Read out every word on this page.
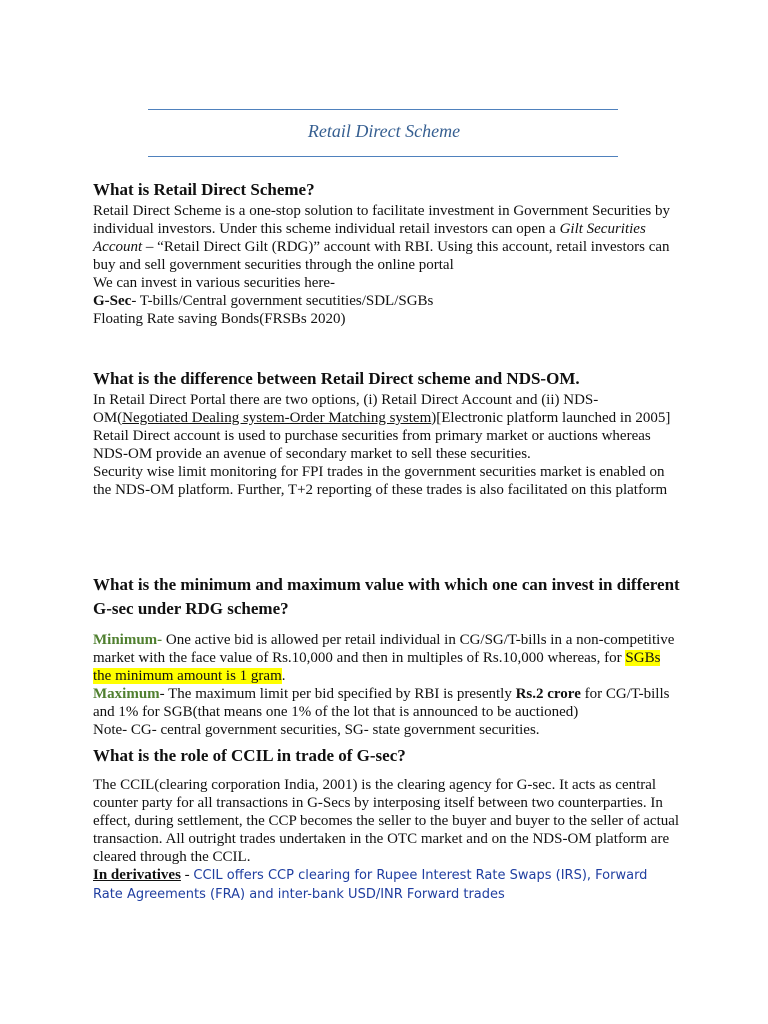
Retail Direct Scheme

What is Retail Direct Scheme?

Retail Direct Scheme is a one-stop solution to facilitate investment in Government Securities by individual investors. Under this scheme individual retail investors can open a Gilt Securities Account – “Retail Direct Gilt (RDG)” account with RBI. Using this account, retail investors can buy and sell government securities through the online portal

We can invest in various securities here-

G-Sec- T-bills/Central government secutities/SDL/SGBs

Floating Rate saving Bonds(FRSBs 2020)

What is the difference between Retail Direct scheme and NDS-OM.

In Retail Direct Portal there are two options, (i) Retail Direct Account and (ii) NDS-OM(Negotiated Dealing system-Order Matching system)[Electronic platform launched in 2005]

Retail Direct account is used to purchase securities from primary market or auctions whereas NDS-OM provide an avenue of secondary market to sell these securities.

Security wise limit monitoring for FPI trades in the government securities market is enabled on the NDS-OM platform. Further, T+2 reporting of these trades is also facilitated on this platform

What is the minimum and maximum value with which one can invest in different G-sec under RDG scheme?

Minimum- One active bid is allowed per retail individual in CG/SG/T-bills in a non-competitive market with the face value of Rs.10,000 and then in multiples of Rs.10,000 whereas, for SGBs the minimum amount is 1 gram.

Maximum- The maximum limit per bid specified by RBI is presently Rs.2 crore for CG/T-bills and 1% for SGB(that means one 1% of the lot that is announced to be auctioned)

Note- CG- central government securities, SG- state government securities.

What is the role of CCIL in trade of G-sec?

The CCIL(clearing corporation India, 2001) is the clearing agency for G-sec. It acts as central counter party for all transactions in G-Secs by interposing itself between two counterparties. In effect, during settlement, the CCP becomes the seller to the buyer and buyer to the seller of actual transaction. All outright trades undertaken in the OTC market and on the NDS-OM platform are cleared through the CCIL.

In derivatives - CCIL offers CCP clearing for Rupee Interest Rate Swaps (IRS), Forward Rate Agreements (FRA) and inter-bank USD/INR Forward trades
